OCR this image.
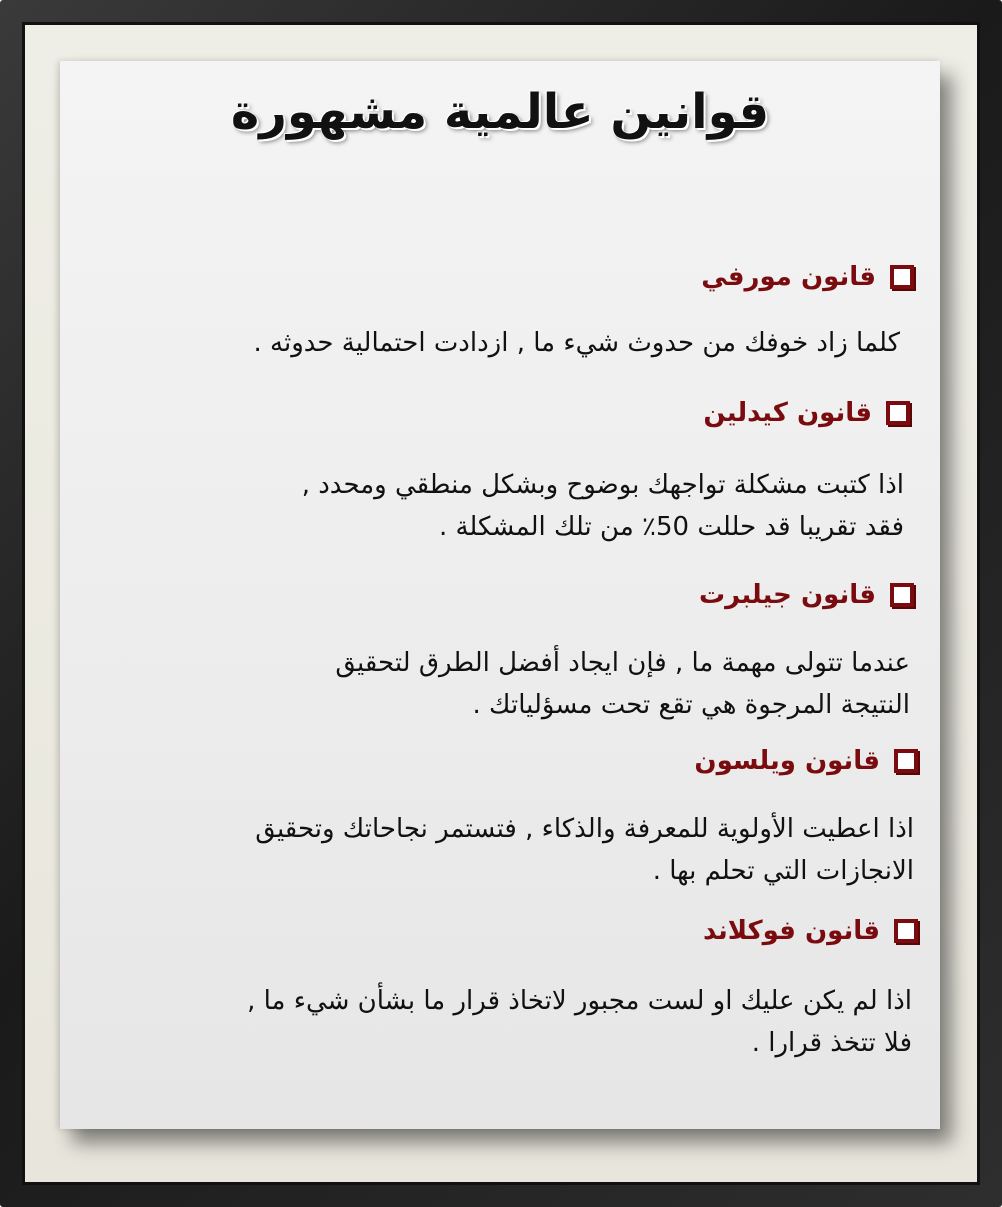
قوانين عالمية مشهورة
قانون مورفي

كلما زاد خوفك من حدوث شيء ما , ازدادت احتمالية حدوثه .

قانون كيدلين

اذا كتبت مشكلة تواجهك بوضوح وبشكل منطقي ومحدد ,

فقد تقريبا قد حللت 50٪ من تلك المشكلة .

قانون جيلبرت

عندما تتولى مهمة ما , فإن ايجاد أفضل الطرق لتحقيق

النتيجة المرجوة هي تقع تحت مسؤلياتك .

قانون ويلسون

اذا اعطيت الأولوية للمعرفة والذكاء , فتستمر نجاحاتك وتحقيق

الانجازات التي تحلم بها .

قانون فوكلاند

اذا لم يكن عليك او لست مجبور لاتخاذ قرار ما بشأن شيء ما ,

فلا تتخذ قرارا .
